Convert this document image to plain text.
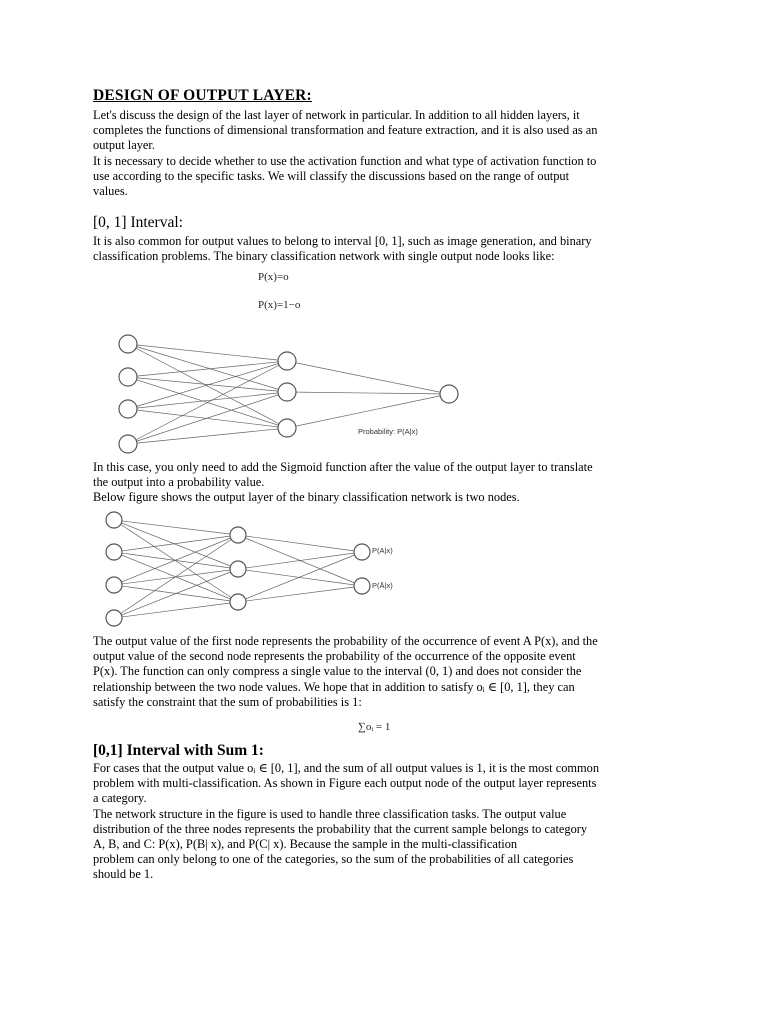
DESIGN OF OUTPUT LAYER:
Let's discuss the design of the last layer of network in particular. In addition to all hidden layers, it
completes the functions of dimensional transformation and feature extraction, and it is also used as an
output layer.
It is necessary to decide whether to use the activation function and what type of activation function to
use according to the specific tasks. We will classify the discussions based on the range of output
values.
[0, 1] Interval:
It is also common for output values to belong to interval [0, 1], such as image generation, and binary
classification problems. The binary classification network with single output node looks like:
P(x)=o
P(x)=1−o
Probability: P(A|x)
In this case, you only need to add the Sigmoid function after the value of the output layer to translate
the output into a probability value.
Below figure shows the output layer of the binary classification network is two nodes.
P(A|x)
P(Ā|x)
The output value of the first node represents the probability of the occurrence of event A P(x), and the
output value of the second node represents the probability of the occurrence of the opposite event
P(x). The function can only compress a single value to the interval (0, 1) and does not consider the
relationship between the two node values. We hope that in addition to satisfy oᵢ ∈ [0, 1], they can
satisfy the constraint that the sum of probabilities is 1:
∑oᵢ = 1
[0,1] Interval with Sum 1:
For cases that the output value oᵢ ∈ [0, 1], and the sum of all output values is 1, it is the most common
problem with multi-classification. As shown in Figure each output node of the output layer represents
a category.
The network structure in the figure is used to handle three classification tasks. The output value
distribution of the three nodes represents the probability that the current sample belongs to category
A, B, and C: P(x), P(B| x), and P(C| x). Because the sample in the multi-classification
problem can only belong to one of the categories, so the sum of the probabilities of all categories
should be 1.
